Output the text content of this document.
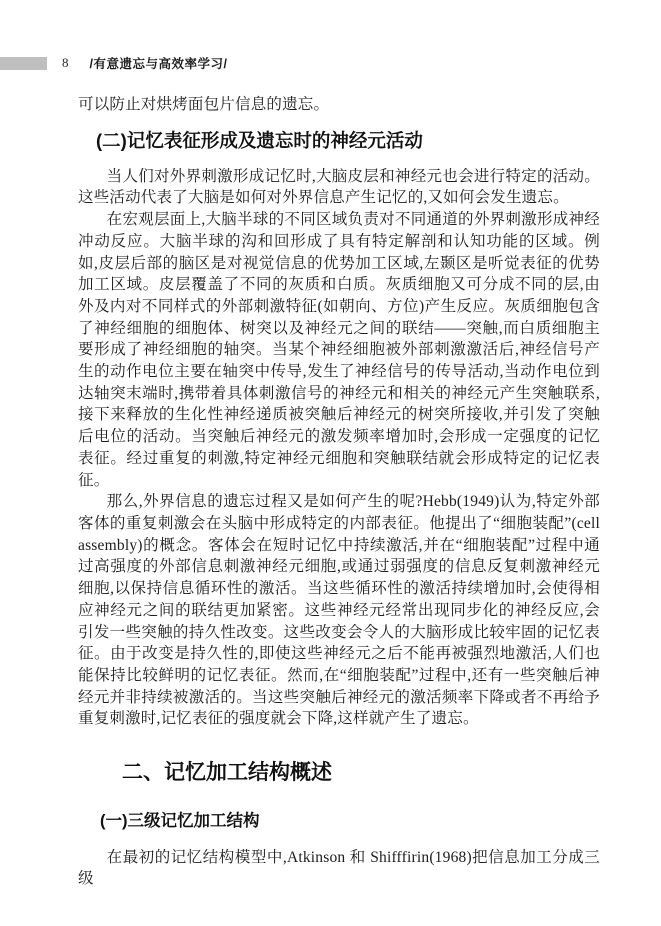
8 /有意遗忘与高效率学习/

可以防止对烘烤面包片信息的遗忘。

(二)记忆表征形成及遗忘时的神经元活动

当人们对外界刺激形成记忆时,大脑皮层和神经元也会进行特定的活动。这些活动代表了大脑是如何对外界信息产生记忆的,又如何会发生遗忘。

在宏观层面上,大脑半球的不同区域负责对不同通道的外界刺激形成神经冲动反应。大脑半球的沟和回形成了具有特定解剖和认知功能的区域。例如,皮层后部的脑区是对视觉信息的优势加工区域,左颞区是听觉表征的优势加工区域。皮层覆盖了不同的灰质和白质。灰质细胞又可分成不同的层,由外及内对不同样式的外部刺激特征(如朝向、方位)产生反应。灰质细胞包含了神经细胞的细胞体、树突以及神经元之间的联结——突触,而白质细胞主要形成了神经细胞的轴突。当某个神经细胞被外部刺激激活后,神经信号产生的动作电位主要在轴突中传导,发生了神经信号的传导活动,当动作电位到达轴突末端时,携带着具体刺激信号的神经元和相关的神经元产生突触联系,接下来释放的生化性神经递质被突触后神经元的树突所接收,并引发了突触后电位的活动。当突触后神经元的激发频率增加时,会形成一定强度的记忆表征。经过重复的刺激,特定神经元细胞和突触联结就会形成特定的记忆表征。

那么,外界信息的遗忘过程又是如何产生的呢?Hebb(1949)认为,特定外部客体的重复刺激会在头脑中形成特定的内部表征。他提出了“细胞装配”(cell assembly)的概念。客体会在短时记忆中持续激活,并在“细胞装配”过程中通过高强度的外部信息刺激神经元细胞,或通过弱强度的信息反复刺激神经元细胞,以保持信息循环性的激活。当这些循环性的激活持续增加时,会使得相应神经元之间的联结更加紧密。这些神经元经常出现同步化的神经反应,会引发一些突触的持久性改变。这些改变会令人的大脑形成比较牢固的记忆表征。由于改变是持久性的,即使这些神经元之后不能再被强烈地激活,人们也能保持比较鲜明的记忆表征。然而,在“细胞装配”过程中,还有一些突触后神经元并非持续被激活的。当这些突触后神经元的激活频率下降或者不再给予重复刺激时,记忆表征的强度就会下降,这样就产生了遗忘。

二、记忆加工结构概述
(一)三级记忆加工结构

在最初的记忆结构模型中,Atkinson 和 Shifffirin(1968)把信息加工分成三级
